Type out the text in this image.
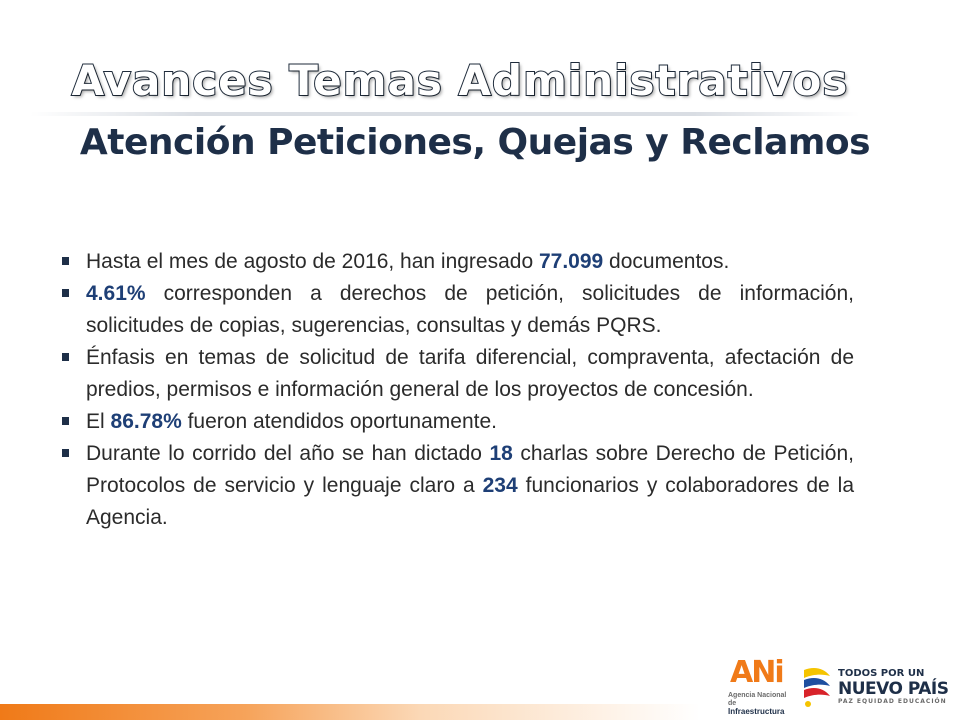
Avances Temas Administrativos
Atención Peticiones, Quejas y Reclamos
Hasta el mes de agosto de 2016, han ingresado 77.099 documentos.
4.61% corresponden a derechos de petición, solicitudes de información, solicitudes de copias, sugerencias, consultas y demás PQRS.
Énfasis en temas de solicitud de tarifa diferencial, compraventa, afectación de predios, permisos e información general de los proyectos de concesión.
El 86.78% fueron atendidos oportunamente.
Durante lo corrido del año se han dictado 18 charlas sobre Derecho de Petición, Protocolos de servicio y lenguaje claro a 234 funcionarios y colaboradores de la Agencia.
ANi
Agencia Nacional de
Infraestructura
TODOS POR UN
NUEVO PAÍS
PAZ EQUIDAD EDUCACIÓN
